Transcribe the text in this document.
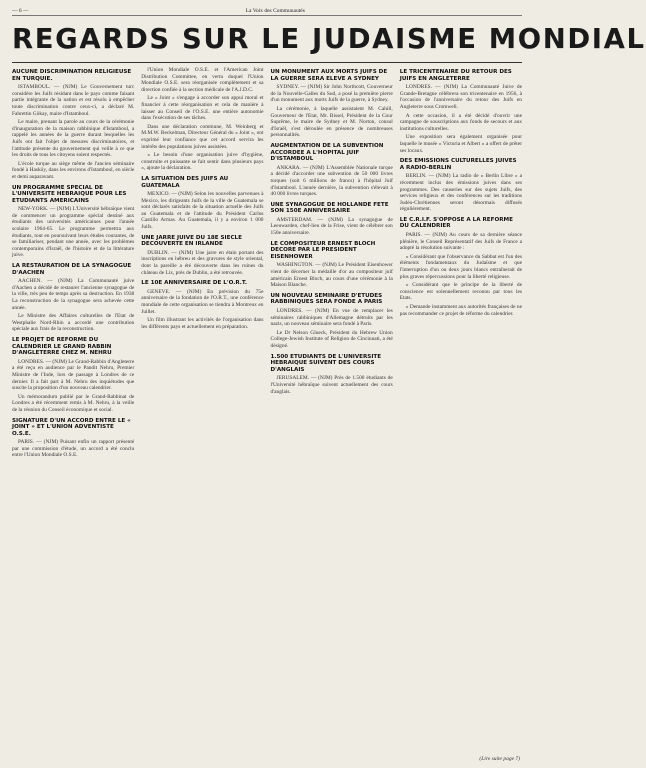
— 6 —	La Voix des Communautés
REGARDS SUR LE JUDAISME MONDIAL
AUCUNE DISCRIMINATION RELIGIEUSE EN TURQUIE.

ISTAMBOUL. — (NJM) Le Gouvernement turc considère les Juifs résidant dans le pays comme faisant partie intégrante de la nation et est résolu à empêcher toute discrimination contre ceux-ci, a déclaré M. Fahrettin Gökay, maire d'Istamboul.

Le maire, prenant la parole au cours de la cérémonie d'inauguration de la maison rabbinique d'Istamboul, a rappelé les années de la guerre durant lesquelles les Juifs ont fait l'objet de mesures discriminatoires, et l'attitude présente du gouvernement qui veille à ce que les droits de tous les citoyens soient respectés.

L'école turque au siège même de l'ancien séminaire fondé à Hasköy, dans les environs d'Istamboul, en siècle et demi auparavant.

UN PROGRAMME SPECIAL DE L'UNIVERSITE HEBRAIQUE POUR LES ETUDIANTS AMERICAINS

NEW-YORK. — (NJM) L'Université hébraïque vient de commencer un programme spécial destiné aux étudiants des universités américaines pour l'année scolaire 1964-65. Le programme permettra aux étudiants, tout en poursuivant leurs études courantes, de se familiariser, pendant une année, avec les problèmes contemporains d'Israël, de l'histoire et de la littérature juive.

LA RESTAURATION DE LA SYNAGOGUE D'AACHEN

AACHEN. — (NJM) La Communauté juive d'Aachen a décidé de restaurer l'ancienne synagogue de la ville, très peu de temps après sa destruction. En 1938 La reconstruction de la synagogue sera achevée cette année.

Le Ministre des Affaires culturelles de l'Etat de Westphalie Nord-Rhin a accordé une contribution spéciale aux frais de la reconstruction.

LE PROJET DE REFORME DU CALENDRIER LE GRAND RABBIN D'ANGLETERRE CHEZ M. NEHRU

LONDRES. — (NJM) Le Grand-Rabbin d'Angleterre a été reçu en audience par le Pandit Nehru, Premier Ministre de l'Inde, lors de passage à Londres de ce dernier. Il a fait part à M. Nehru des inquiétudes que suscite la proposition d'un nouveau calendrier.

Un mémorandum publié par le Grand-Rabbinat de Londres a été récemment remis à M. Nehru, à la veille de la réunion du Conseil économique et social.

SIGNATURE D'UN ACCORD ENTRE LE « JOINT » ET L'UNION ADVENTISTE O.S.E.

PARIS. — (NJM) Puisant enfin un rapport présenté par une commission d'étude, un accord a été conclu entre l'Union Mondiale O.S.E.

l'Union Mondiale O.S.E. et l'American Joint Distribution Committee, en vertu duquel l'Union Mondiale O.S.E. sera réorganisée complètement et sa direction confiée à la section médicale de l'A.J.D.C.

Le « Joint » s'engage à accorder son appui moral et financier à cette réorganisation et cela de manière à laisser au Conseil de l'O.S.E. une entière autonomie dans l'exécution de ses tâches.

Dans une déclaration commune, M. Weinberg et M.M.W. Beckelman, Directeur Général du « Joint », ont exprimé leur confiance que cet accord servira les intérêts des populations juives assistées.

« Le besoin d'une organisation juive d'hygiène, construite et puissante se fait sentir dans plusieurs pays », ajoute la déclaration.

LA SITUATION DES JUIFS AU GUATEMALA

MEXICO. — (NJM) Selon les nouvelles parvenues à Mexico, les dirigeants Juifs de la ville de Guatemala se sont déclarés satisfaits de la situation actuelle des Juifs au Guatemala et de l'attitude du Président Carlos Castillo Armas. Au Guatemala, il y a environ 1 000 Juifs.

UNE JARRE JUIVE DU 18E SIECLE DECOUVERTE EN IRLANDE

DUBLIN. — (NJM) Une jarre en étain portant des inscriptions en hébreu et des gravures de style oriental, dont la pareille a été découverte dans les ruines du château de Lix, près de Dublin, a été retrouvée.

LE 10E ANNIVERSAIRE DE L'O.R.T.

GENEVE. — (NJM) En prévision du 75e anniversaire de la fondation de l'O.R.T., une conférence mondiale de cette organisation se tiendra à Montreux en Juillet.

Un film illustrant les activités de l'organisation dans les différents pays et actuellement en préparation.

UN MONUMENT AUX MORTS JUIFS DE LA GUERRE SERA ELEVE A SYDNEY

SYDNEY. — (NJM) Sir John Northcott, Gouverneur de la Nouvelle-Galles du Sud, a posé la première pierre d'un monument aux morts Juifs de la guerre, à Sydney.

La cérémonie, à laquelle assistaient M. Cahill, Gouverneur de l'Etat, Mr. Bissel, Président de la Cour Suprême, le maire de Sydney et M. Norton, consul d'Israël, s'est déroulée en présence de nombreuses personnalités.

AUGMENTATION DE LA SUBVENTION ACCORDEE A L'HOPITAL JUIF D'ISTAMBOUL

ANKARA. — (NJM) L'Assemblée Nationale turque a décidé d'accorder une subvention de 50 000 livres turques (soit 6 millions de francs) à l'hôpital Juif d'Istamboul. L'année dernière, la subvention s'élevait à 40 000 livres turques.

UNE SYNAGOGUE DE HOLLANDE FETE SON 150E ANNIVERSAIRE

AMSTERDAM. — (NJM) La synagogue de Leeuwarden, chef-lieu de la Frise, vient de célébrer son 150e anniversaire.

LE COMPOSITEUR ERNEST BLOCH DECORE PAR LE PRESIDENT EISENHOWER

WASHINGTON. — (NJM) Le Président Eisenhower vient de décerner la médaille d'or au compositeur juif américain Ernest Bloch, au cours d'une cérémonie à la Maison Blanche.

UN NOUVEAU SEMINAIRE D'ETUDES RABBINIQUES SERA FONDE A PARIS

LONDRES. — (NJM) En vue de remplacer les séminaires rabbiniques d'Allemagne détruits par les nazis, un nouveau séminaire sera fondé à Paris.

Le Dr Nelson Glueck, Président du Hebrew Union College-Jewish Institute of Religion de Cincinnati, a été désigné.

1.500 ETUDIANTS DE L'UNIVERSITE HEBRAIQUE SUIVENT DES COURS D'ANGLAIS

JERUSALEM. — (NJM) Près de 1.500 étudiants de l'Université hébraïque suivent actuellement des cours d'anglais.

LE TRICENTENAIRE DU RETOUR DES JUIFS EN ANGLETERRE

LONDRES. — (NJM) La Communauté Juive de Grande-Bretagne célèbrera son tricentenaire en 1956, à l'occasion de l'anniversaire du retour des Juifs en Angleterre sous Cromwell.

A cette occasion, il a été décidé d'ouvrir une campagne de souscriptions aux fonds de secours et aux institutions culturelles.

Une exposition sera également organisée pour laquelle le musée « Victoria et Albert » a offert de prêter ses locaux.

DES EMISSIONS CULTURELLES JUIVES A RADIO-BERLIN

BERLIN. — (NJM) La radio de « Berlin Libre » a récemment inclus des émissions juives dans ses programmes. Des causeries sur des sujets Juifs, des services religieux et des conférences sur les traditions Judéo-Chrétiennes seront désormais diffusés régulièrement.

LE C.R.I.F. S'OPPOSE A LA REFORME DU CALENDRIER

PARIS. — (NJM) Au cours de sa dernière séance plénière, le Conseil Représentatif des Juifs de France a adopté la résolution suivante :

« Considérant que l'observance du Sabbat est l'un des éléments fondamentaux du Judaïsme et que l'interruption d'un ou deux jours blancs entraînerait de plus graves répercussions pour la liberté religieuse.

« Considérant que le principe de la liberté de conscience est solennellement reconnu par tous les Etats.

« Demande instamment aux autorités françaises de ne pas recommander ce projet de réforme du calendrier.

(Lire suite page 7)
